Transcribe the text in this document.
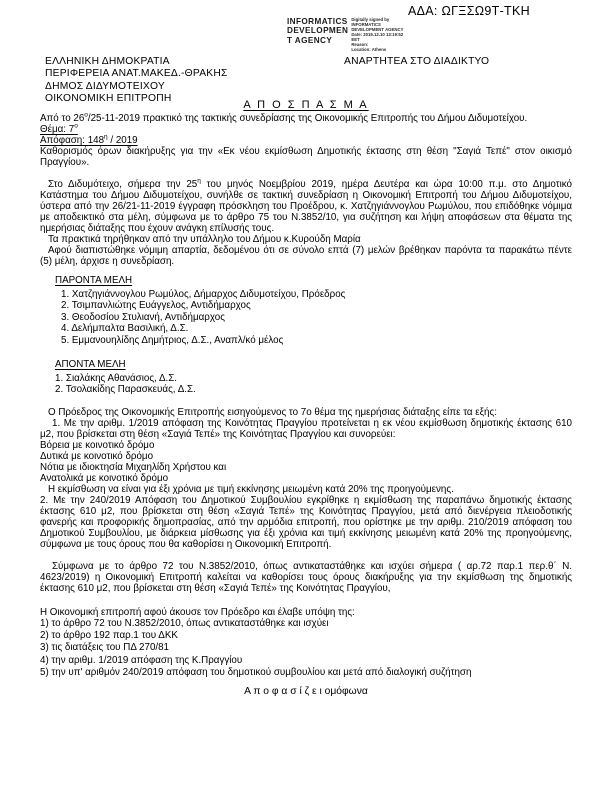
ΑΔΑ: ΩΓΞΣΩ9Τ-ΤΚΗ
INFORMATICS
DEVELOPMEN
T AGENCY
Digitally signed by
INFORMATICS
DEVELOPMENT AGENCY
Date: 2019.12.10 13:19:52
EET
Reason:
Location: Athens
ΕΛΛΗΝΙΚΗ ΔΗΜΟΚΡΑΤΙΑ
ΠΕΡΙΦΕΡΕΙΑ ΑΝΑΤ.ΜΑΚΕΔ.-ΘΡΑΚΗΣ
ΔΗΜΟΣ ΔΙΔΥΜΟΤΕΙΧΟΥ
ΟΙΚΟΝΟΜΙΚΗ ΕΠΙΤΡΟΠΗ
ΑΝΑΡΤΗΤΕΑ ΣΤΟ ΔΙΑΔΙΚΤΥΟ
Α Π Ο Σ Π Α Σ Μ Α
Από το $26^o/25-11-2019$ πρακτικό της τακτικής συνεδρίασης της Οικονομικής Επιτροπής του Δήμου Διδυμοτείχου.
Θέμα: $7^o$
Απόφαση: $148^\eta / 2019$
Καθορισμός όρων διακήρυξης για την «Εκ νέου εκμίσθωση Δημοτικής έκτασης στη θέση "Σαγιά Τεπέ" στον οικισμό Πραγγίου».
Στο Διδυμότειχο, σήμερα την $25^\eta$ του μηνός Νοεμβρίου 2019, ημέρα Δευτέρα και ώρα 10:00 π.μ. στο Δημοτικό Κατάστημα του Δήμου Διδυμοτείχου, συνήλθε σε τακτική συνεδρίαση η Οικονομική Επιτροπή του Δήμου Διδυμοτείχου, ύστερα από την 26/21-11-2019 έγγραφη πρόσκληση του Προέδρου, κ. Χατζηγιάννογλου Ρωμύλου, που επιδόθηκε νόμιμα με αποδεικτικό στα μέλη, σύμφωνα με το άρθρο 75 του Ν.3852/10, για συζήτηση και λήψη αποφάσεων στα θέματα της ημερήσιας διάταξης που έχουν ανάγκη επίλυσής τους.
Τα πρακτικά τηρήθηκαν από την υπάλληλο του Δήμου κ.Κυρούδη Μαρία
Αφού διαπιστώθηκε νόμιμη απαρτία, δεδομένου ότι σε σύνολο επτά (7) μελών βρέθηκαν παρόντα τα παρακάτω πέντε (5) μέλη, άρχισε η συνεδρίαση.
ΠΑΡΟΝΤΑ ΜΕΛΗ
1. Χατζηγιάννογλου Ρωμύλος, Δήμαρχος Διδυμοτείχου, Πρόεδρος
2. Τσιμπανλιώτης Ευάγγελος, Αντιδήμαρχος
3. Θεοδοσίου Στυλιανή, Αντιδήμαρχος
4. Δελήμπαλτα Βασιλική, Δ.Σ.
5. Εμμανουηλίδης Δημήτριος, Δ.Σ., Αναπλ/κό μέλος
ΑΠΟΝΤΑ ΜΕΛΗ
1. Σιαλάκης Αθανάσιος, Δ.Σ.
2. Τσολακίδης Παρασκευάς, Δ.Σ.
Ο Πρόεδρος της Οικονομικής Επιτροπής εισηγούμενος το 7ο θέμα της ημερήσιας διάταξης είπε τα εξής:
1. Με την αριθμ. 1/2019 απόφαση της Κοινότητας Πραγγίου προτείνεται η εκ νέου εκμίσθωση δημοτικής έκτασης 610 μ2, που βρίσκεται στη θέση «Σαγιά Τεπέ» της Κοινότητας Πραγγίου και συνορεύει:
Βόρεια με κοινοτικό δρόμο
Δυτικά με κοινοτικό δρόμο
Νότια με ιδιοκτησία Μιχαηλίδη Χρήστου και
Ανατολικά με κοινοτικό δρόμο
Η εκμίσθωση να είναι για έξι χρόνια με τιμή εκκίνησης μειωμένη κατά 20% της προηγούμενης.
2. Με την 240/2019 Απόφαση του Δημοτικού Συμβουλίου εγκρίθηκε η εκμίσθωση της παραπάνω δημοτικής έκτασης έκτασης 610 μ2, που βρίσκεται στη θέση «Σαγιά Τεπέ» της Κοινότητας Πραγγίου, μετά από διενέργεια πλειοδοτικής φανερής και προφορικής δημοπρασίας, από την αρμόδια επιτροπή, που ορίστηκε με την αριθμ. 210/2019 απόφαση του Δημοτικού Συμβουλίου, με διάρκεια μίσθωσης για έξι χρόνια και τιμή εκκίνησης μειωμένη κατά 20% της προηγούμενης, σύμφωνα με τους όρους που θα καθορίσει η Οικονομική Επιτροπή.
Σύμφωνα με το άρθρο 72 του Ν.3852/2010, όπως αντικαταστάθηκε και ισχύει σήμερα ( αρ.72 παρ.1 περ.θ΄ Ν. 4623/2019) η Οικονομική Επιτροπή καλείται να καθορίσει τους όρους διακήρυξης για την εκμίσθωση της δημοτικής έκτασης 610 μ2, που βρίσκεται στη θέση «Σαγιά Τεπέ» της Κοινότητας Πραγγίου,
Η Οικονομική επιτροπή αφού άκουσε τον Πρόεδρο και έλαβε υπόψη της:
1) το άρθρο 72 του Ν.3852/2010, όπως αντικαταστάθηκε και ισχύει
2) το άρθρο 192 παρ.1 του ΔΚΚ
3) τις διατάξεις του ΠΔ 270/81
4) την αριθμ. 1/2019 απόφαση της Κ.Πραγγίου
5) την υπ' αριθμόν 240/2019 απόφαση του δημοτικού συμβουλίου και μετά από διαλογική συζήτηση
Α π ο φ α σ ί ζ ε ι ομόφωνα
